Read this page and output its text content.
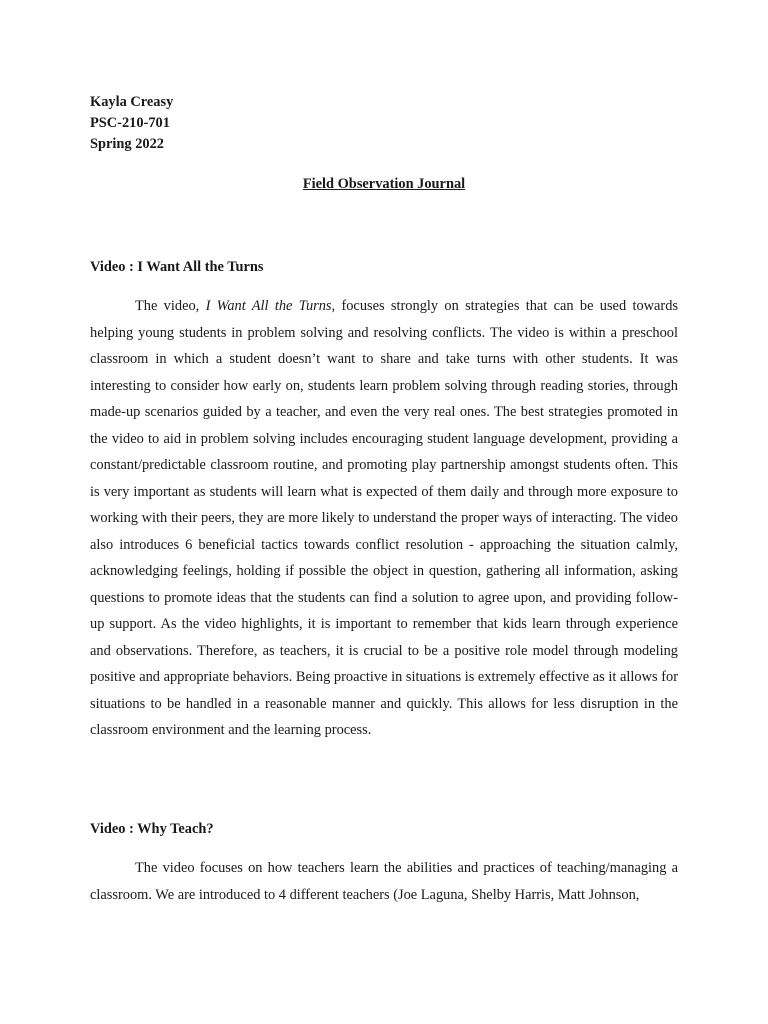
Kayla Creasy
PSC-210-701
Spring 2022
Field Observation Journal
Video : I Want All the Turns

The video, I Want All the Turns, focuses strongly on strategies that can be used towards helping young students in problem solving and resolving conflicts. The video is within a preschool classroom in which a student doesn’t want to share and take turns with other students. It was interesting to consider how early on, students learn problem solving through reading stories, through made-up scenarios guided by a teacher, and even the very real ones. The best strategies promoted in the video to aid in problem solving includes encouraging student language development, providing a constant/predictable classroom routine, and promoting play partnership amongst students often. This is very important as students will learn what is expected of them daily and through more exposure to working with their peers, they are more likely to understand the proper ways of interacting. The video also introduces 6 beneficial tactics towards conflict resolution - approaching the situation calmly, acknowledging feelings, holding if possible the object in question, gathering all information, asking questions to promote ideas that the students can find a solution to agree upon, and providing follow-up support. As the video highlights, it is important to remember that kids learn through experience and observations. Therefore, as teachers, it is crucial to be a positive role model through modeling positive and appropriate behaviors. Being proactive in situations is extremely effective as it allows for situations to be handled in a reasonable manner and quickly. This allows for less disruption in the classroom environment and the learning process.

Video : Why Teach?

The video focuses on how teachers learn the abilities and practices of teaching/managing a classroom. We are introduced to 4 different teachers (Joe Laguna, Shelby Harris, Matt Johnson,
